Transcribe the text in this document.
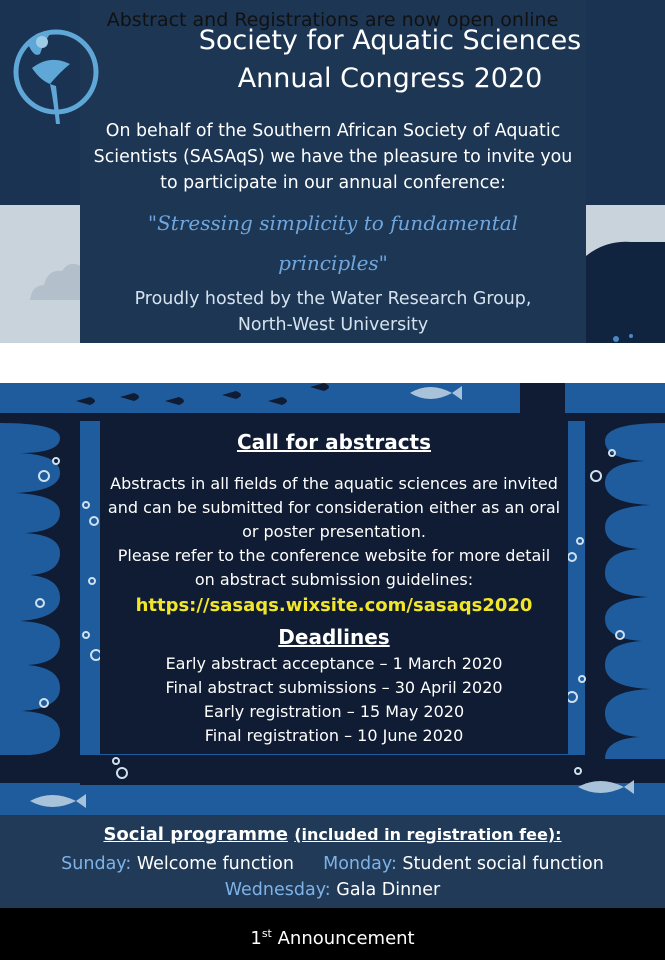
Society for Aquatic Sciences
Annual Congress 2020
On behalf of the Southern African Society of Aquatic
Scientists (SASAqS) we have the pleasure to invite you
to participate in our annual conference:
"Stressing simplicity to fundamental
principles"
Proudly hosted by the Water Research Group,
North-West University
Abstract and Registrations are now open online
Call for abstracts
Abstracts in all fields of the aquatic sciences are invited
and can be submitted for consideration either as an oral
or poster presentation.
Please refer to the conference website for more detail
on abstract submission guidelines:
https://sasaqs.wixsite.com/sasaqs2020
Deadlines
Early abstract acceptance – 1 March 2020
Final abstract submissions – 30 April 2020
Early registration – 15 May 2020
Final registration – 10 June 2020
Social programme (included in registration fee):
Sunday: Welcome function Monday: Student social function
Wednesday: Gala Dinner
1st Announcement
